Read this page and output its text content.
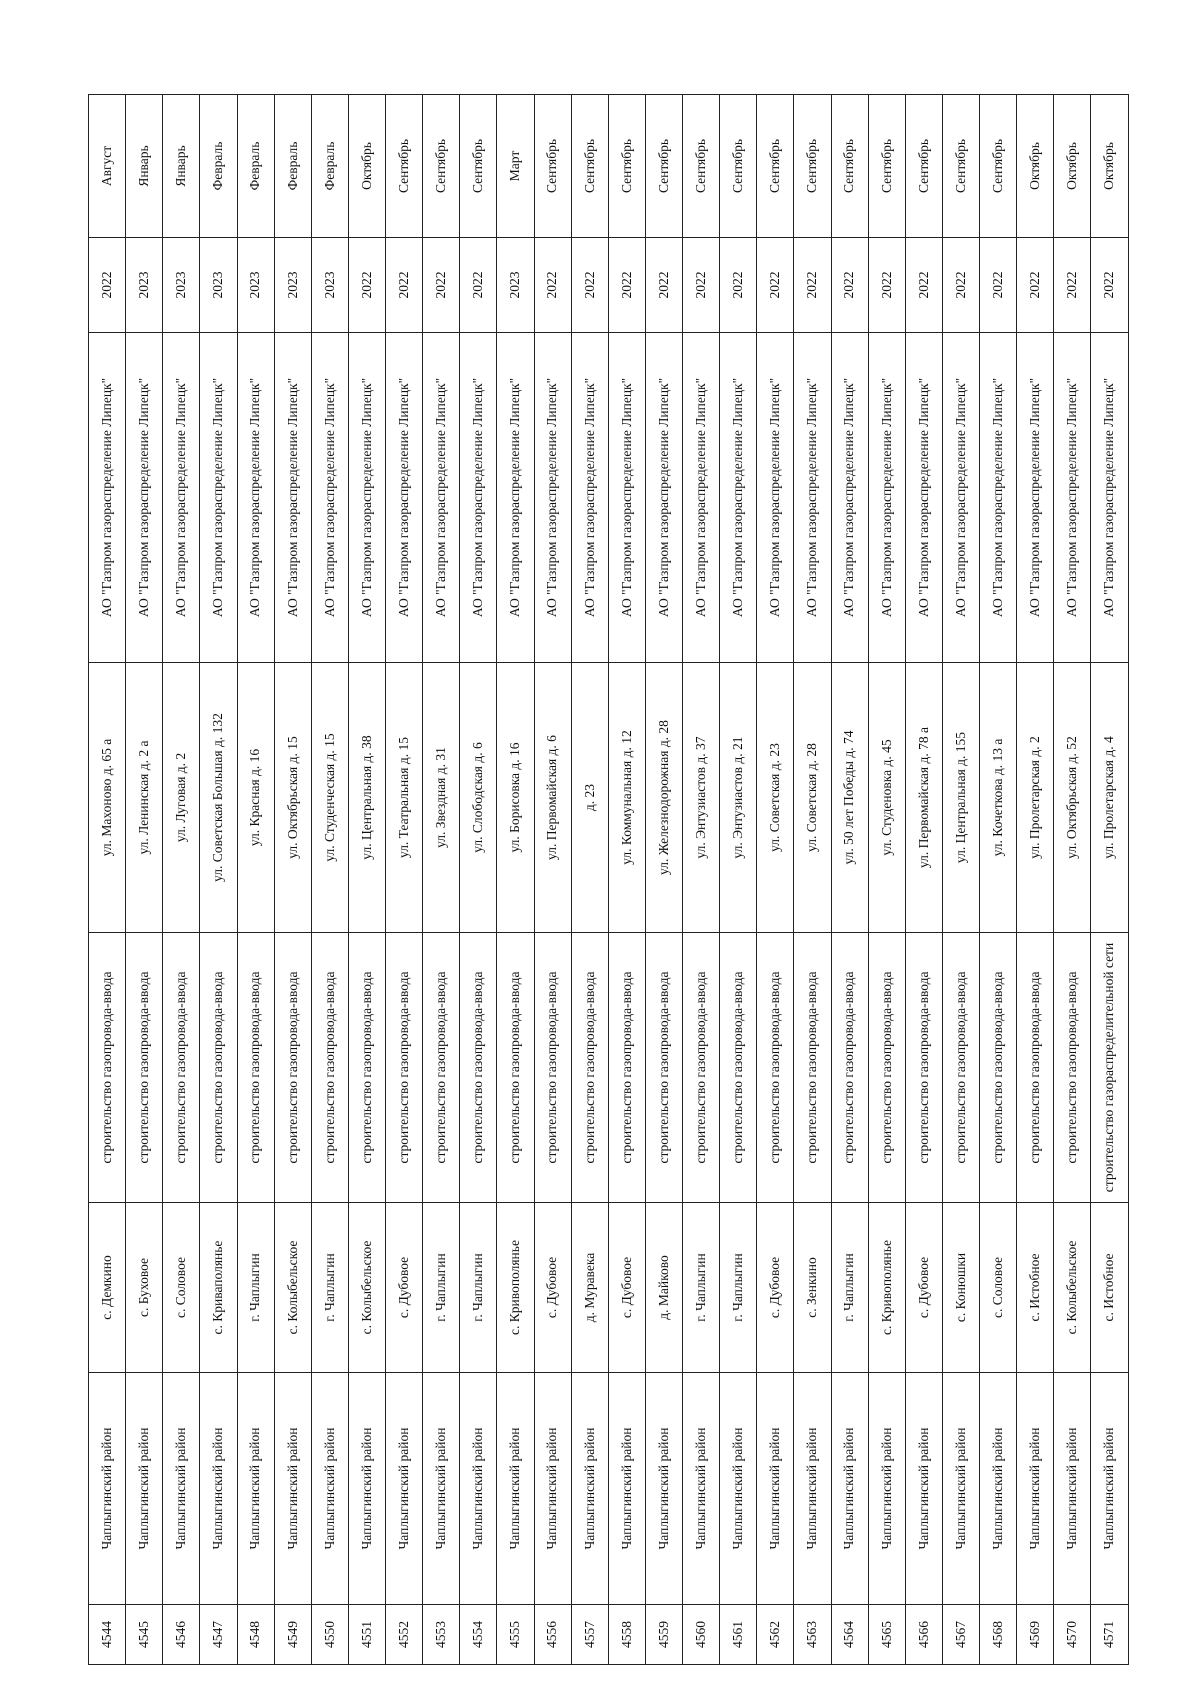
4544	Чаплыгинский район	с. Демкино	строительство газопровода-ввода	ул. Махоново д. 65 а	АО "Газпром газораспределение Липецк"	2022	Август
4545	Чаплыгинский район	с. Буховое	строительство газопровода-ввода	ул. Ленинская д. 2 а	АО "Газпром газораспределение Липецк"	2023	Январь
4546	Чаплыгинский район	с. Соловое	строительство газопровода-ввода	ул. Луговая д. 2	АО "Газпром газораспределение Липецк"	2023	Январь
4547	Чаплыгинский район	с. Криваполянье	строительство газопровода-ввода	ул. Советская Большая д. 132	АО "Газпром газораспределение Липецк"	2023	Февраль
4548	Чаплыгинский район	г. Чаплыгин	строительство газопровода-ввода	ул. Красная д. 16	АО "Газпром газораспределение Липецк"	2023	Февраль
4549	Чаплыгинский район	с. Колыбельское	строительство газопровода-ввода	ул. Октябрьская д. 15	АО "Газпром газораспределение Липецк"	2023	Февраль
4550	Чаплыгинский район	г. Чаплыгин	строительство газопровода-ввода	ул. Студенческая д. 15	АО "Газпром газораспределение Липецк"	2023	Февраль
4551	Чаплыгинский район	с. Колыбельское	строительство газопровода-ввода	ул. Центральная д. 38	АО "Газпром газораспределение Липецк"	2022	Октябрь
4552	Чаплыгинский район	с. Дубовое	строительство газопровода-ввода	ул. Театральная д. 15	АО "Газпром газораспределение Липецк"	2022	Сентябрь
4553	Чаплыгинский район	г. Чаплыгин	строительство газопровода-ввода	ул. Звездная д. 31	АО "Газпром газораспределение Липецк"	2022	Сентябрь
4554	Чаплыгинский район	г. Чаплыгин	строительство газопровода-ввода	ул. Слободская д. 6	АО "Газпром газораспределение Липецк"	2022	Сентябрь
4555	Чаплыгинский район	с. Кривополянье	строительство газопровода-ввода	ул. Борисовка д. 16	АО "Газпром газораспределение Липецк"	2023	Март
4556	Чаплыгинский район	с. Дубовое	строительство газопровода-ввода	ул. Первомайская д. 6	АО "Газпром газораспределение Липецк"	2022	Сентябрь
4557	Чаплыгинский район	д. Муравека	строительство газопровода-ввода	д. 23	АО "Газпром газораспределение Липецк"	2022	Сентябрь
4558	Чаплыгинский район	с. Дубовое	строительство газопровода-ввода	ул. Коммунальная д. 12	АО "Газпром газораспределение Липецк"	2022	Сентябрь
4559	Чаплыгинский район	д. Майково	строительство газопровода-ввода	ул. Железнодорожная д. 28	АО "Газпром газораспределение Липецк"	2022	Сентябрь
4560	Чаплыгинский район	г. Чаплыгин	строительство газопровода-ввода	ул. Энтузиастов д. 37	АО "Газпром газораспределение Липецк"	2022	Сентябрь
4561	Чаплыгинский район	г. Чаплыгин	строительство газопровода-ввода	ул. Энтузиастов д. 21	АО "Газпром газораспределение Липецк"	2022	Сентябрь
4562	Чаплыгинский район	с. Дубовое	строительство газопровода-ввода	ул. Советская д. 23	АО "Газпром газораспределение Липецк"	2022	Сентябрь
4563	Чаплыгинский район	с. Зенкино	строительство газопровода-ввода	ул. Советская д. 28	АО "Газпром газораспределение Липецк"	2022	Сентябрь
4564	Чаплыгинский район	г. Чаплыгин	строительство газопровода-ввода	ул. 50 лет Победы д. 74	АО "Газпром газораспределение Липецк"	2022	Сентябрь
4565	Чаплыгинский район	с. Кривополянье	строительство газопровода-ввода	ул. Студеновка д. 45	АО "Газпром газораспределение Липецк"	2022	Сентябрь
4566	Чаплыгинский район	с. Дубовое	строительство газопровода-ввода	ул. Первомайская д. 78 а	АО "Газпром газораспределение Липецк"	2022	Сентябрь
4567	Чаплыгинский район	с. Конюшки	строительство газопровода-ввода	ул. Центральная д. 155	АО "Газпром газораспределение Липецк"	2022	Сентябрь
4568	Чаплыгинский район	с. Соловое	строительство газопровода-ввода	ул. Кочеткова д. 13 а	АО "Газпром газораспределение Липецк"	2022	Сентябрь
4569	Чаплыгинский район	с. Истобное	строительство газопровода-ввода	ул. Пролетарская д. 2	АО "Газпром газораспределение Липецк"	2022	Октябрь
4570	Чаплыгинский район	с. Колыбельское	строительство газопровода-ввода	ул. Октябрьская д. 52	АО "Газпром газораспределение Липецк"	2022	Октябрь
4571	Чаплыгинский район	с. Истобное	строительство газораспределительной сети	ул. Пролетарская д. 4	АО "Газпром газораспределение Липецк"	2022	Октябрь
